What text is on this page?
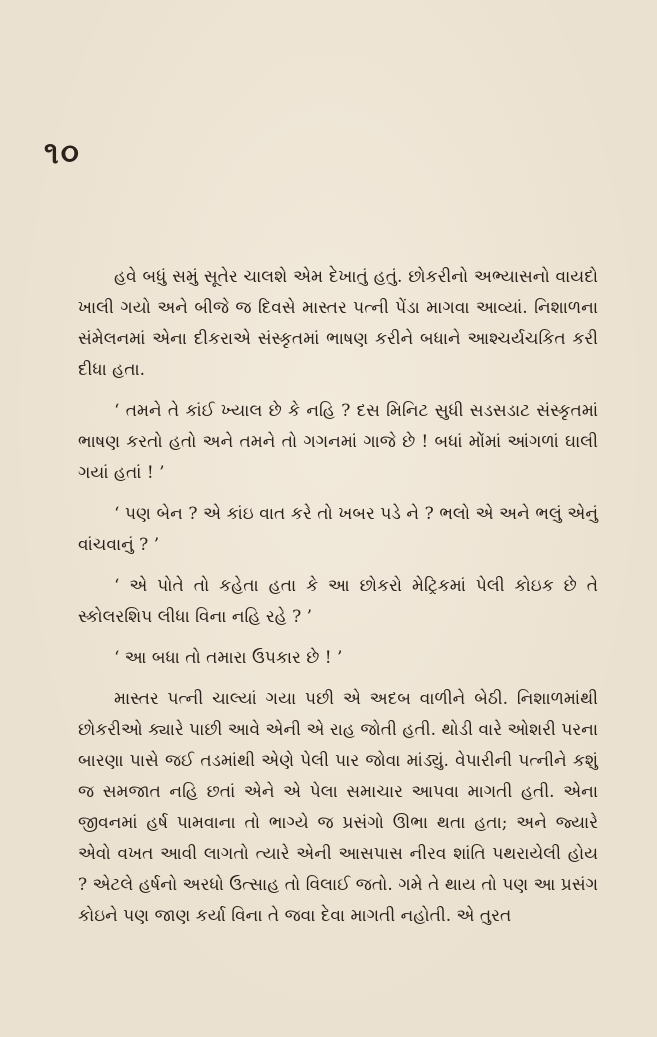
૧૦

હવે બધું સમું સૂતેર ચાલશે એમ દેખાતું હતું. છોકરીનો અભ્યાસનો વાયદો ખાલી ગયો અને બીજે જ દિવસે માસ્તર પત્ની પેંડા માગવા આવ્યાં. નિશાળના સંમેલનમાં એના દીકરાએ સંસ્કૃતમાં ભાષણ કરીને બધાને આશ્ચર્યચકિત કરી દીધા હતા.

‘ તમને તે કાંઈ ખ્યાલ છે કે નહિ ? દસ મિનિટ સુધી સડસડાટ સંસ્કૃતમાં ભાષણ કરતો હતો અને તમને તો ગગનમાં ગાજે છે ! બધાં મોંમાં આંગળાં ઘાલી ગયાં હતાં ! ’

‘ પણ બેન ? એ કાંઇ વાત કરે તો ખબર પડે ને ? ભલો એ અને ભલું એનું વાંચવાનું ? ’

‘ એ પોતે તો કહેતા હતા કે આ છોકરો મેટ્રિકમાં પેલી કોઇક છે તે સ્કોલરશિપ લીધા વિના નહિ રહે ? ’

‘ આ બધા તો તમારા ઉપકાર છે ! ’

માસ્તર પત્ની ચાલ્યાં ગયા પછી એ અદબ વાળીને બેઠી. નિશાળમાંથી છોકરીઓ ક્યારે પાછી આવે એની એ રાહ જોતી હતી. થોડી વારે ઓશરી પરના બારણા પાસે જઈ તડમાંથી એણે પેલી પાર જોવા માંડ્યું. વેપારીની પત્નીને કશું જ સમજાત નહિ છતાં એને એ પેલા સમાચાર આપવા માગતી હતી. એના જીવનમાં હર્ષ પામવાના તો ભાગ્યે જ પ્રસંગો ઊભા થતા હતા; અને જ્યારે એવો વખત આવી લાગતો ત્યારે એની આસપાસ નીરવ શાંતિ પથરાયેલી હોય ? એટલે હર્ષનો અરધો ઉત્સાહ તો વિલાઈ જતો. ગમે તે થાય તો પણ આ પ્રસંગ કોઇને પણ જાણ કર્યા વિના તે જવા દેવા માગતી નહોતી. એ તુરત
